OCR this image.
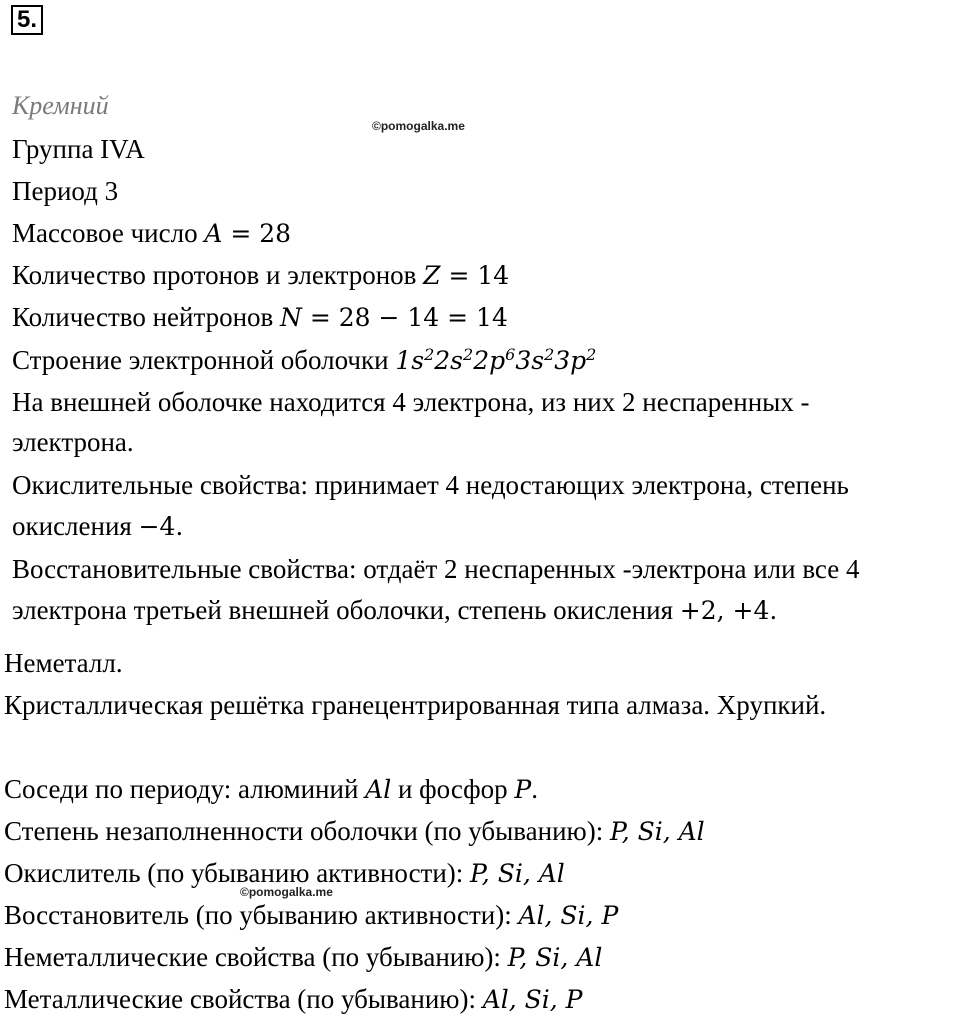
5.
Кремний
©pomogalka.me
Группа IVA
Период 3
Массовое число A = 28
Количество протонов и электронов Z = 14
Количество нейтронов N = 28 − 14 = 14
Строение электронной оболочки $1s^22s^22p^63s^23p^2$
На внешней оболочке находится 4 электрона, из них 2 неспаренных -
электрона.
Окислительные свойства: принимает 4 недостающих электрона, степень
окисления −4.
Восстановительные свойства: отдаёт 2 неспаренных -электрона или все 4
электрона третьей внешней оболочки, степень окисления +2, +4.
Неметалл.
Кристаллическая решётка гранецентрированная типа алмаза. Хрупкий.
Соседи по периоду: алюминий Al и фосфор P.
Степень незаполненности оболочки (по убыванию): P, Si, Al
Окислитель (по убыванию активности): P, Si, Al
©pomogalka.me
Восстановитель (по убыванию активности): Al, Si, P
Неметаллические свойства (по убыванию): P, Si, Al
Металлические свойства (по убыванию): Al, Si, P
